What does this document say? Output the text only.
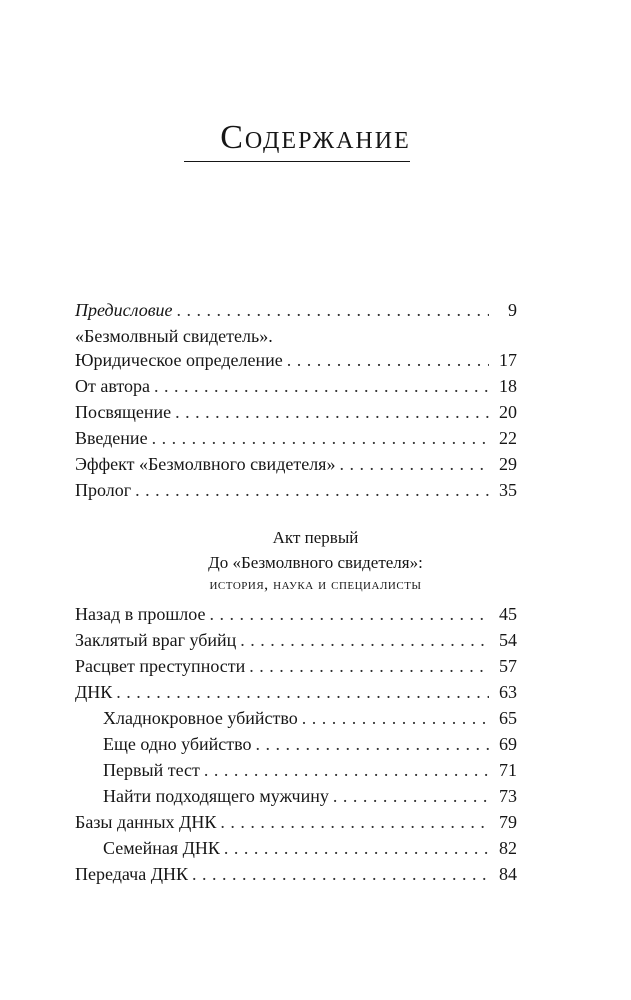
Содержание
Предисловие . . .	9
«Безмолвный свидетель».
Юридическое определение . . .	17
От автора . . .	18
Посвящение . . .	20
Введение . . .	22
Эффект «Безмолвного свидетеля» . . .	29
Пролог . . .	35
Акт первый
До «Безмолвного свидетеля»:
история, наука и специалисты
Назад в прошлое . . .	45
Заклятый враг убийц . . .	54
Расцвет преступности . . .	57
ДНК . . .	63
Хладнокровное убийство . . .	65
Еще одно убийство . . .	69
Первый тест . . .	71
Найти подходящего мужчину . . .	73
Базы данных ДНК . . .	79
Семейная ДНК . . .	82
Передача ДНК . . .	84
